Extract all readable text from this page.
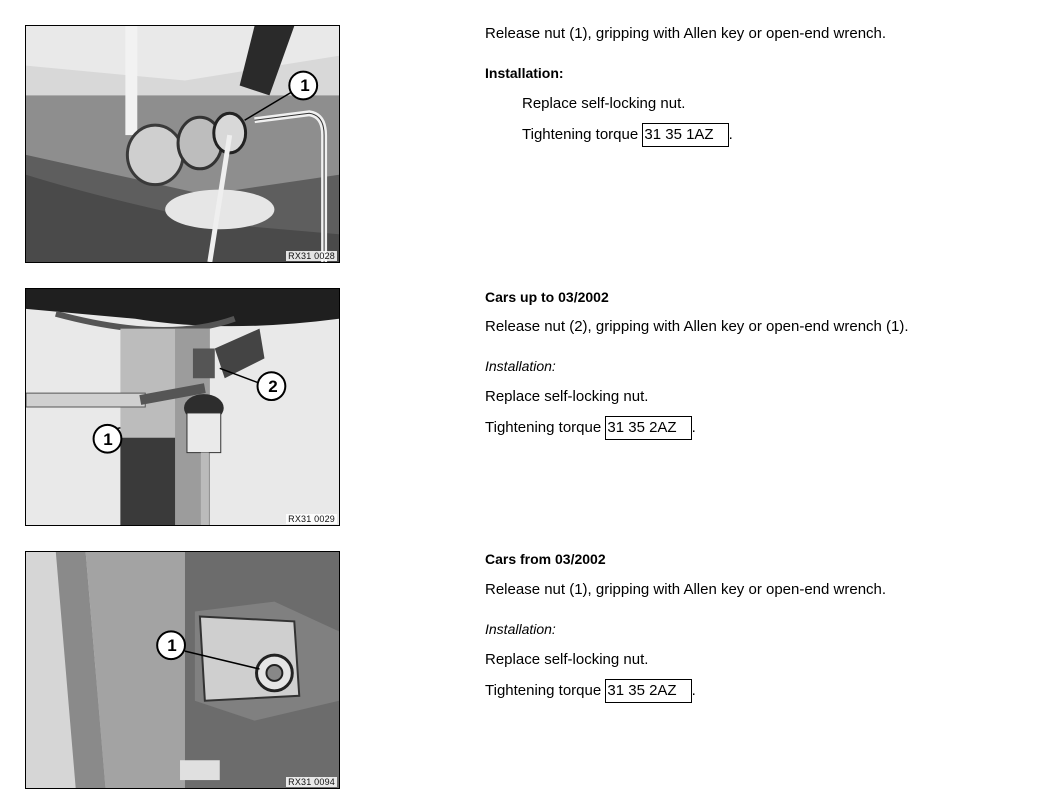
1
RX31 0028
Release nut (1), gripping with Allen key or open-end wrench.
Installation:
Replace self-locking nut.
Tightening torque 31 35 1AZ .
2
1
RX31 0029
Cars up to 03/2002
Release nut (2), gripping with Allen key or open-end wrench (1).
Installation:
Replace self-locking nut.
Tightening torque 31 35 2AZ .
1
RX31 0094
Cars from 03/2002
Release nut (1), gripping with Allen key or open-end wrench.
Installation:
Replace self-locking nut.
Tightening torque 31 35 2AZ .
